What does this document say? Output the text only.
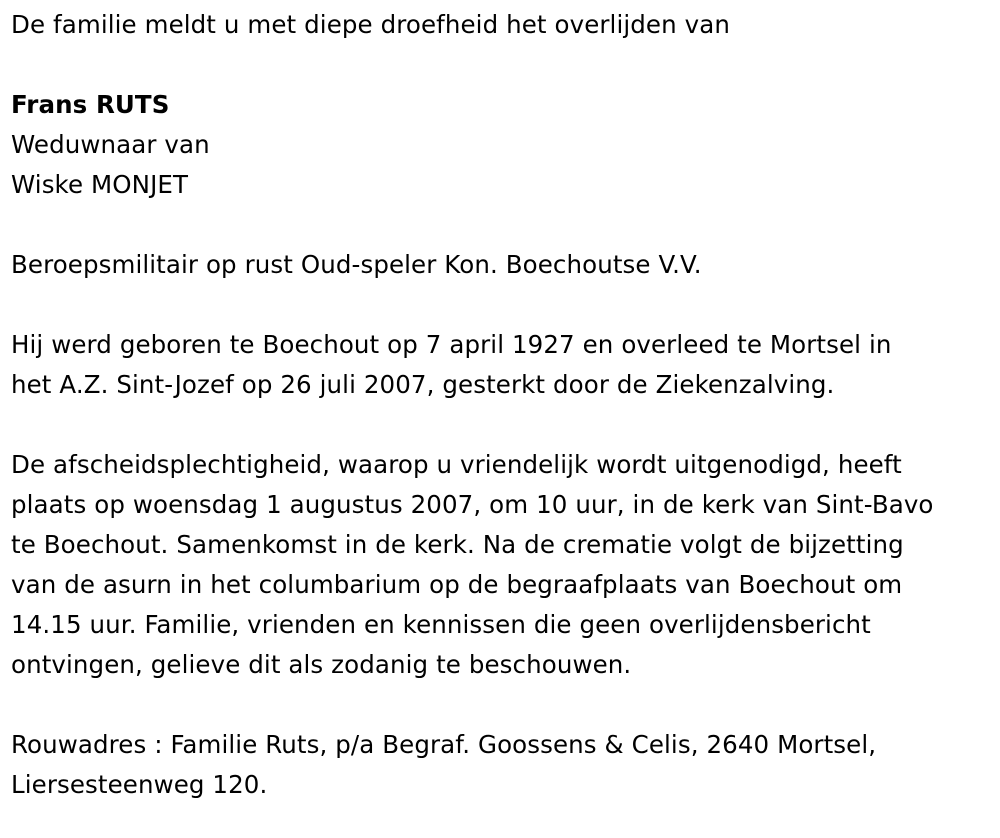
De familie meldt u met diepe droefheid het overlijden van
Frans RUTS
Weduwnaar van
Wiske MONJET
Beroepsmilitair op rust Oud-speler Kon. Boechoutse V.V.
Hij werd geboren te Boechout op 7 april 1927 en overleed te Mortsel in
het A.Z. Sint-Jozef op 26 juli 2007, gesterkt door de Ziekenzalving.
De afscheidsplechtigheid, waarop u vriendelijk wordt uitgenodigd, heeft
plaats op woensdag 1 augustus 2007, om 10 uur, in de kerk van Sint-Bavo
te Boechout. Samenkomst in de kerk. Na de crematie volgt de bijzetting
van de asurn in het columbarium op de begraafplaats van Boechout om
14.15 uur. Familie, vrienden en kennissen die geen overlijdensbericht
ontvingen, gelieve dit als zodanig te beschouwen.
Rouwadres : Familie Ruts, p/a Begraf. Goossens & Celis, 2640 Mortsel,
Liersesteenweg 120.
